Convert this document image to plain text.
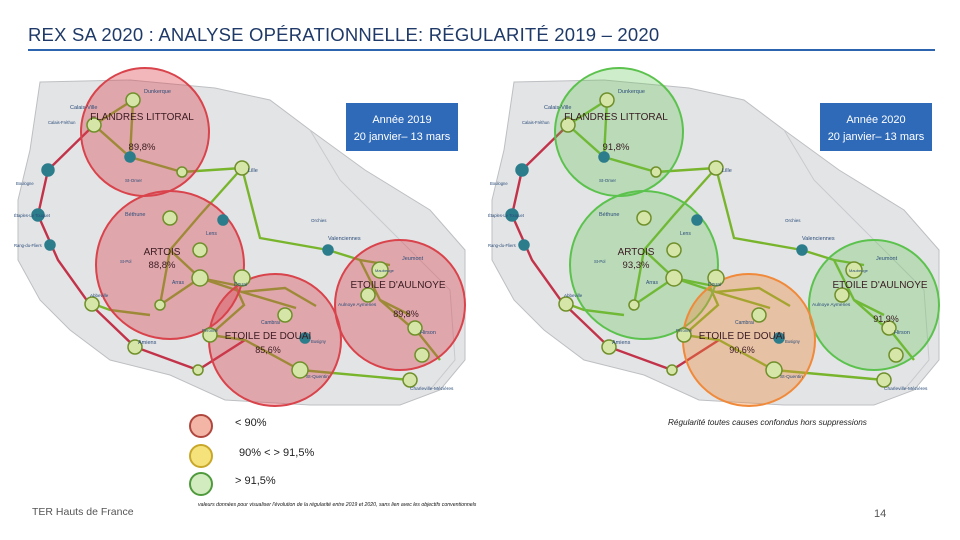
REX SA 2020 : ANALYSE OPÉRATIONNELLE: RÉGULARITÉ 2019 – 2020
Dunkerque
Calais-Ville
Calais-Fréthun
St-Omer
Boulogne
Étaples-Le Touquet
Rang-du-Fliers
Lille
Béthune
Lens
Orchies
Valenciennes
Jeumont
Arras	Douai
St-Pol
Abbeville
Amiens
Cambrai
Aulnoye Aymeries
Hirson
Busigny
Péronne
St-Quentin
Maubeuge
Charleville-Mézières
FLANDRES LITTORAL
89,8%
ARTOIS
88,8%
ETOILE D'AULNOYE
89,8%
ETOILE DE DOUAI
85,6%
Année 2019
20 janvier– 13 mars
Dunkerque
Calais-Ville
Calais-Fréthun
St-Omer
Boulogne
Étaples-Le Touquet
Rang-du-Fliers
Lille
Béthune
Lens
Orchies
Valenciennes
Jeumont
Arras	Douai
St-Pol
Abbeville
Amiens
Cambrai
Aulnoye Aymeries
Hirson
Busigny
Péronne
St-Quentin
Maubeuge
Charleville-Mézières
FLANDRES LITTORAL
91,8%
ARTOIS
93,3%
ETOILE D'AULNOYE
91,9%
ETOILE DE DOUAI
90,6%
Année 2020
20 janvier– 13 mars
< 90%
90% < > 91,5%
> 91,5%
Régularité toutes causes confondus hors suppressions
TER Hauts de France
valeurs données pour visualiser l'évolution de la régularité entre 2019 et 2020, sans lien avec les objectifs conventionnels
14
